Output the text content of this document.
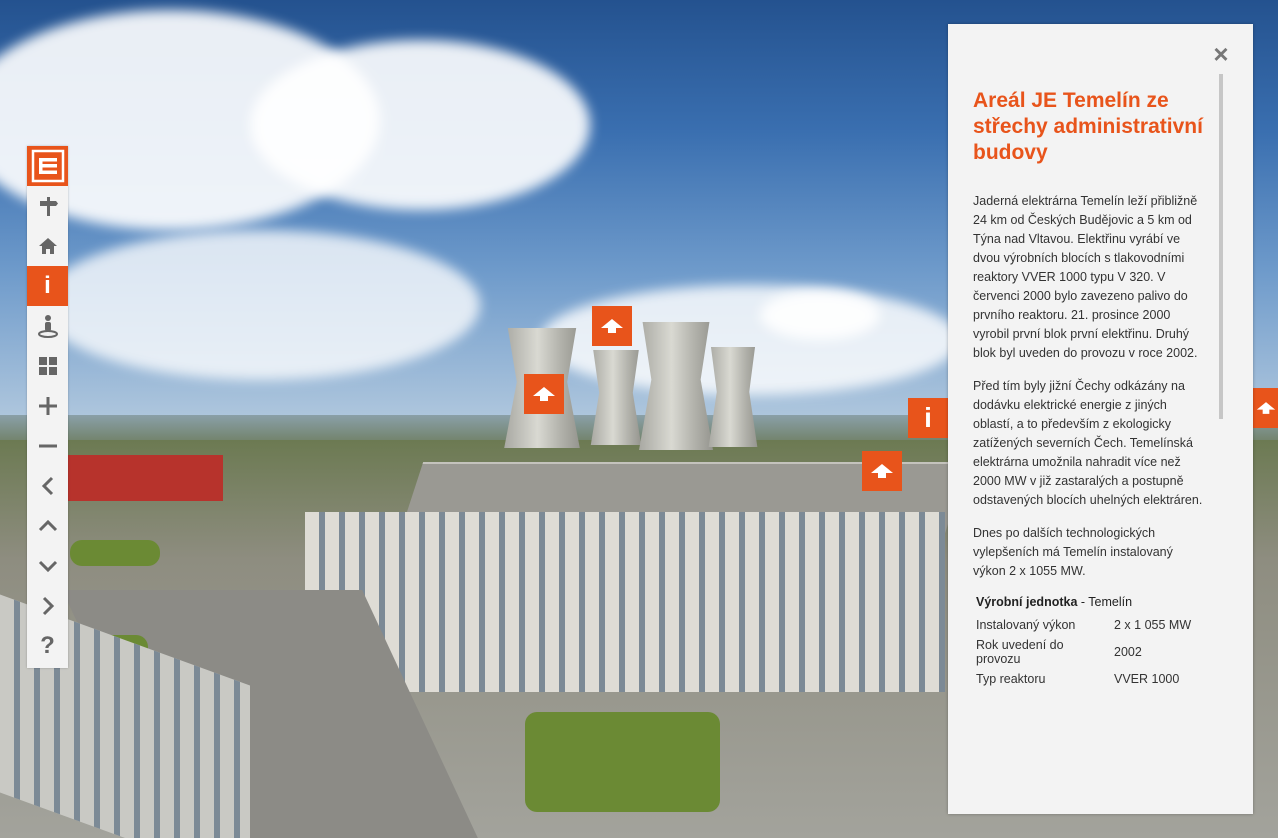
i
i
?
×
Areál JE Temelín ze střechy administrativní budovy

Jaderná elektrárna Temelín leží přibližně 24 km od Českých Budějovic a 5 km od Týna nad Vltavou. Elektřinu vyrábí ve dvou výrobních blocích s tlakovodními reaktory VVER 1000 typu V 320. V červenci 2000 bylo zavezeno palivo do prvního reaktoru. 21. prosince 2000 vyrobil první blok první elektřinu. Druhý blok byl uveden do provozu v roce 2002.

Před tím byly jižní Čechy odkázány na dodávku elektrické energie z jiných oblastí, a to především z ekologicky zatížených severních Čech. Temelínská elektrárna umožnila nahradit více než 2000 MW v již zastaralých a postupně odstavených blocích uhelných elektráren.

Dnes po dalších technologických vylepšeních má Temelín instalovaný výkon 2 x 1055 MW.

Výrobní jednotka - Temelín
Instalovaný výkon	2 x 1 055 MW
Rok uvedení do provozu	2002
Typ reaktoru	VVER 1000
